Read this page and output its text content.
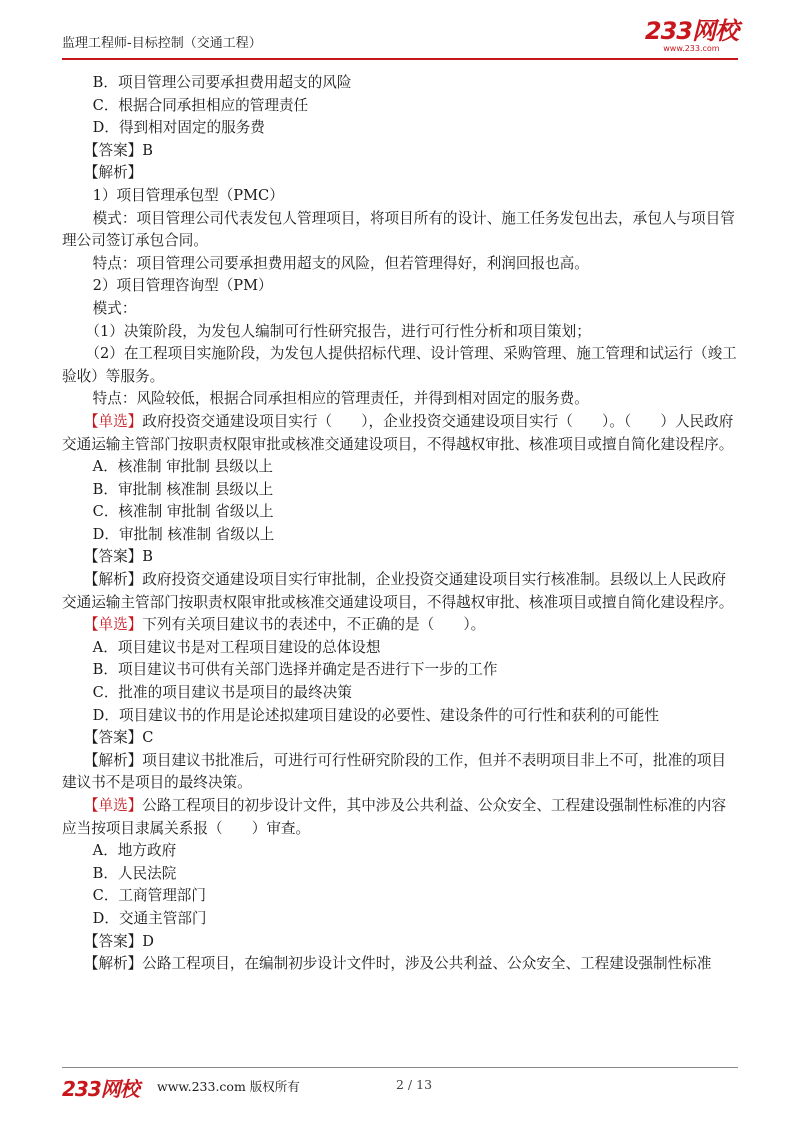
监理工程师-目标控制（交通工程）	233网校
www.233.com

B．项目管理公司要承担费用超支的风险

C．根据合同承担相应的管理责任

D．得到相对固定的服务费

【答案】B

【解析】

1）项目管理承包型（PMC）

模式：项目管理公司代表发包人管理项目，将项目所有的设计、施工任务发包出去，承包人与项目管理公司签订承包合同。

特点：项目管理公司要承担费用超支的风险，但若管理得好，利润回报也高。

2）项目管理咨询型（PM）

模式：

（1）决策阶段，为发包人编制可行性研究报告，进行可行性分析和项目策划；

（2）在工程项目实施阶段，为发包人提供招标代理、设计管理、采购管理、施工管理和试运行（竣工验收）等服务。

特点：风险较低，根据合同承担相应的管理责任，并得到相对固定的服务费。

【单选】政府投资交通建设项目实行（　　），企业投资交通建设项目实行（　　）。（　　）人民政府交通运输主管部门按职责权限审批或核准交通建设项目，不得越权审批、核准项目或擅自简化建设程序。

A．核准制 审批制 县级以上

B．审批制 核准制 县级以上

C．核准制 审批制 省级以上

D．审批制 核准制 省级以上

【答案】B

【解析】政府投资交通建设项目实行审批制，企业投资交通建设项目实行核准制。县级以上人民政府交通运输主管部门按职责权限审批或核准交通建设项目，不得越权审批、核准项目或擅自简化建设程序。

【单选】下列有关项目建议书的表述中，不正确的是（　　）。

A．项目建议书是对工程项目建设的总体设想

B．项目建议书可供有关部门选择并确定是否进行下一步的工作

C．批准的项目建议书是项目的最终决策

D．项目建议书的作用是论述拟建项目建设的必要性、建设条件的可行性和获利的可能性

【答案】C

【解析】项目建议书批准后，可进行可行性研究阶段的工作，但并不表明项目非上不可，批准的项目建议书不是项目的最终决策。

【单选】公路工程项目的初步设计文件，其中涉及公共利益、公众安全、工程建设强制性标准的内容应当按项目隶属关系报（　　）审查。

A．地方政府

B．人民法院

C．工商管理部门

D．交通主管部门

【答案】D

【解析】公路工程项目，在编制初步设计文件时，涉及公共利益、公众安全、工程建设强制性标准

233网校 www.233.com 版权所有	2 / 13
